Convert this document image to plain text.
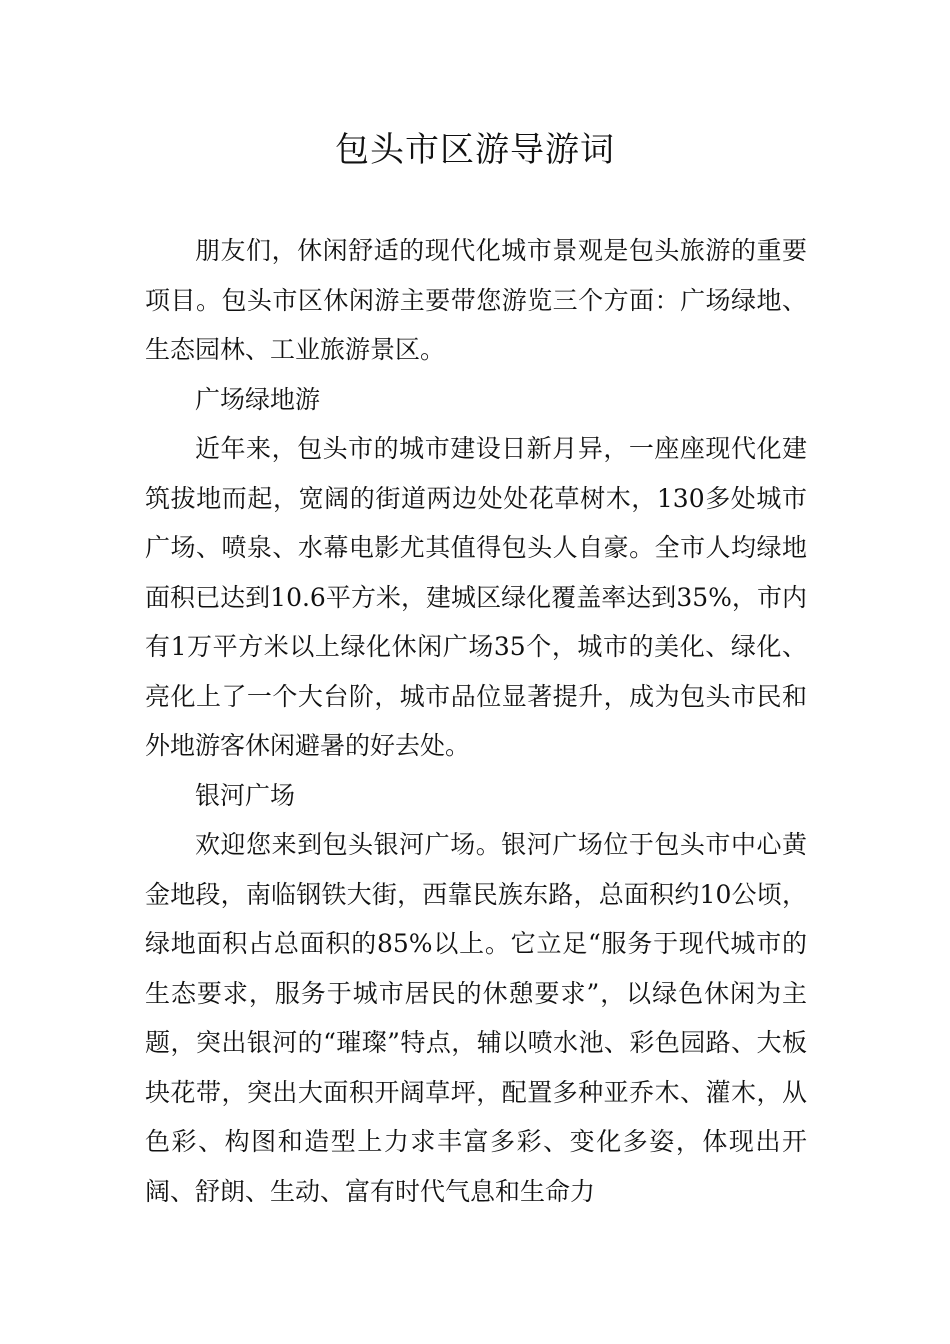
包头市区游导游词

朋友们，休闲舒适的现代化城市景观是包头旅游的重要项目。包头市区休闲游主要带您游览三个方面：广场绿地、生态园林、工业旅游景区。

广场绿地游

近年来，包头市的城市建设日新月异，一座座现代化建筑拔地而起，宽阔的街道两边处处花草树木，130多处城市广场、喷泉、水幕电影尤其值得包头人自豪。全市人均绿地面积已达到10.6平方米，建城区绿化覆盖率达到35%，市内有1万平方米以上绿化休闲广场35个，城市的美化、绿化、亮化上了一个大台阶，城市品位显著提升，成为包头市民和外地游客休闲避暑的好去处。

银河广场

欢迎您来到包头银河广场。银河广场位于包头市中心黄金地段，南临钢铁大街，西靠民族东路，总面积约10公顷，绿地面积占总面积的85%以上。它立足“服务于现代城市的生态要求，服务于城市居民的休憩要求”，以绿色休闲为主题，突出银河的“璀璨”特点，辅以喷水池、彩色园路、大板块花带，突出大面积开阔草坪，配置多种亚乔木、灌木，从色彩、构图和造型上力求丰富多彩、变化多姿，体现出开阔、舒朗、生动、富有时代气息和生命力
